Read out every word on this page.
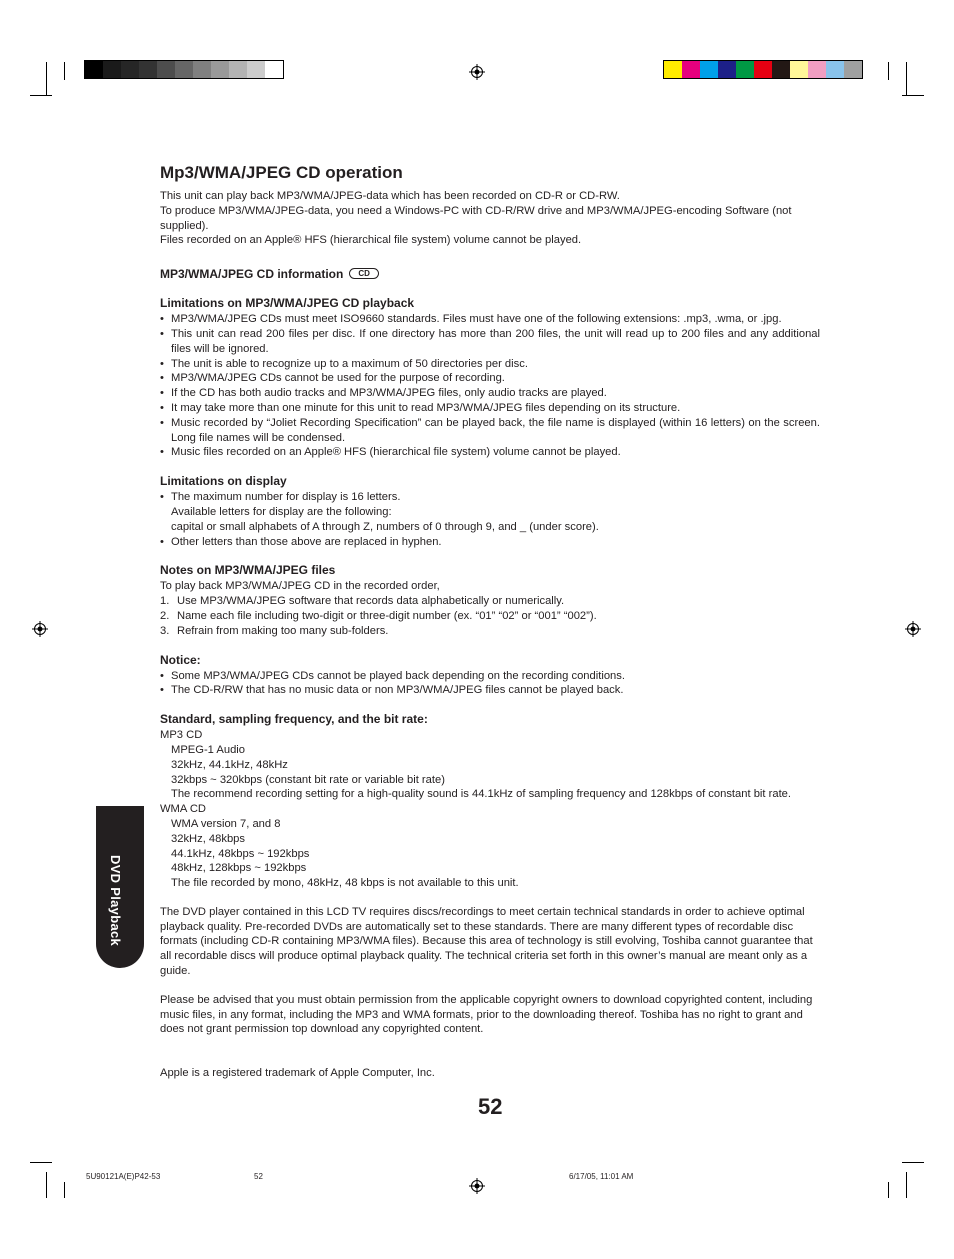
DVD Playback
Mp3/WMA/JPEG CD operation

This unit can play back MP3/WMA/JPEG-data which has been recorded on CD-R or CD-RW.

To produce MP3/WMA/JPEG-data, you need a Windows-PC with CD-R/RW drive and MP3/WMA/JPEG-encoding Software (not supplied).

Files recorded on an Apple® HFS (hierarchical file system) volume cannot be played.

MP3/WMA/JPEG CD information CD
Limitations on MP3/WMA/JPEG CD playback
• MP3/WMA/JPEG CDs must meet ISO9660 standards. Files must have one of the following extensions: .mp3, .wma, or .jpg.
• This unit can read 200 files per disc. If one directory has more than 200 files, the unit will read up to 200 files and any additional files will be ignored.
• The unit is able to recognize up to a maximum of 50 directories per disc.
• MP3/WMA/JPEG CDs cannot be used for the purpose of recording.
• If the CD has both audio tracks and MP3/WMA/JPEG files, only audio tracks are played.
• It may take more than one minute for this unit to read MP3/WMA/JPEG files depending on its structure.
• Music recorded by “Joliet Recording Specification” can be played back, the file name is displayed (within 16 letters) on the screen. Long file names will be condensed.
• Music files recorded on an Apple® HFS (hierarchical file system) volume cannot be played.
Limitations on display
• The maximum number for display is 16 letters.
Available letters for display are the following:
capital or small alphabets of A through Z, numbers of 0 through 9, and _ (under score).
• Other letters than those above are replaced in hyphen.
Notes on MP3/WMA/JPEG files

To play back MP3/WMA/JPEG CD in the recorded order,

1. Use MP3/WMA/JPEG software that records data alphabetically or numerically.
2. Name each file including two-digit or three-digit number (ex. “01” “02” or “001” “002”).
3. Refrain from making too many sub-folders.
Notice:
• Some MP3/WMA/JPEG CDs cannot be played back depending on the recording conditions.
• The CD-R/RW that has no music data or non MP3/WMA/JPEG files cannot be played back.
Standard, sampling frequency, and the bit rate:

MP3 CD

MPEG-1 Audio

32kHz, 44.1kHz, 48kHz

32kbps ~ 320kbps (constant bit rate or variable bit rate)

The recommend recording setting for a high-quality sound is 44.1kHz of sampling frequency and 128kbps of constant bit rate.

WMA CD

WMA version 7, and 8

32kHz, 48kbps

44.1kHz, 48kbps ~ 192kbps

48kHz, 128kbps ~ 192kbps

The file recorded by mono, 48kHz, 48 kbps is not available to this unit.

The DVD player contained in this LCD TV requires discs/recordings to meet certain technical standards in order to achieve optimal playback quality. Pre-recorded DVDs are automatically set to these standards. There are many different types of recordable disc formats (including CD-R containing MP3/WMA files). Because this area of technology is still evolving, Toshiba cannot guarantee that all recordable discs will produce optimal playback quality. The technical criteria set forth in this owner’s manual are meant only as a guide.

Please be advised that you must obtain permission from the applicable copyright owners to download copyrighted content, including music files, in any format, including the MP3 and WMA formats, prior to the downloading thereof. Toshiba has no right to grant and does not grant permission top download any copyrighted content.

Apple is a registered trademark of Apple Computer, Inc.

52
5U90121A(E)P42-53	52	6/17/05, 11:01 AM
